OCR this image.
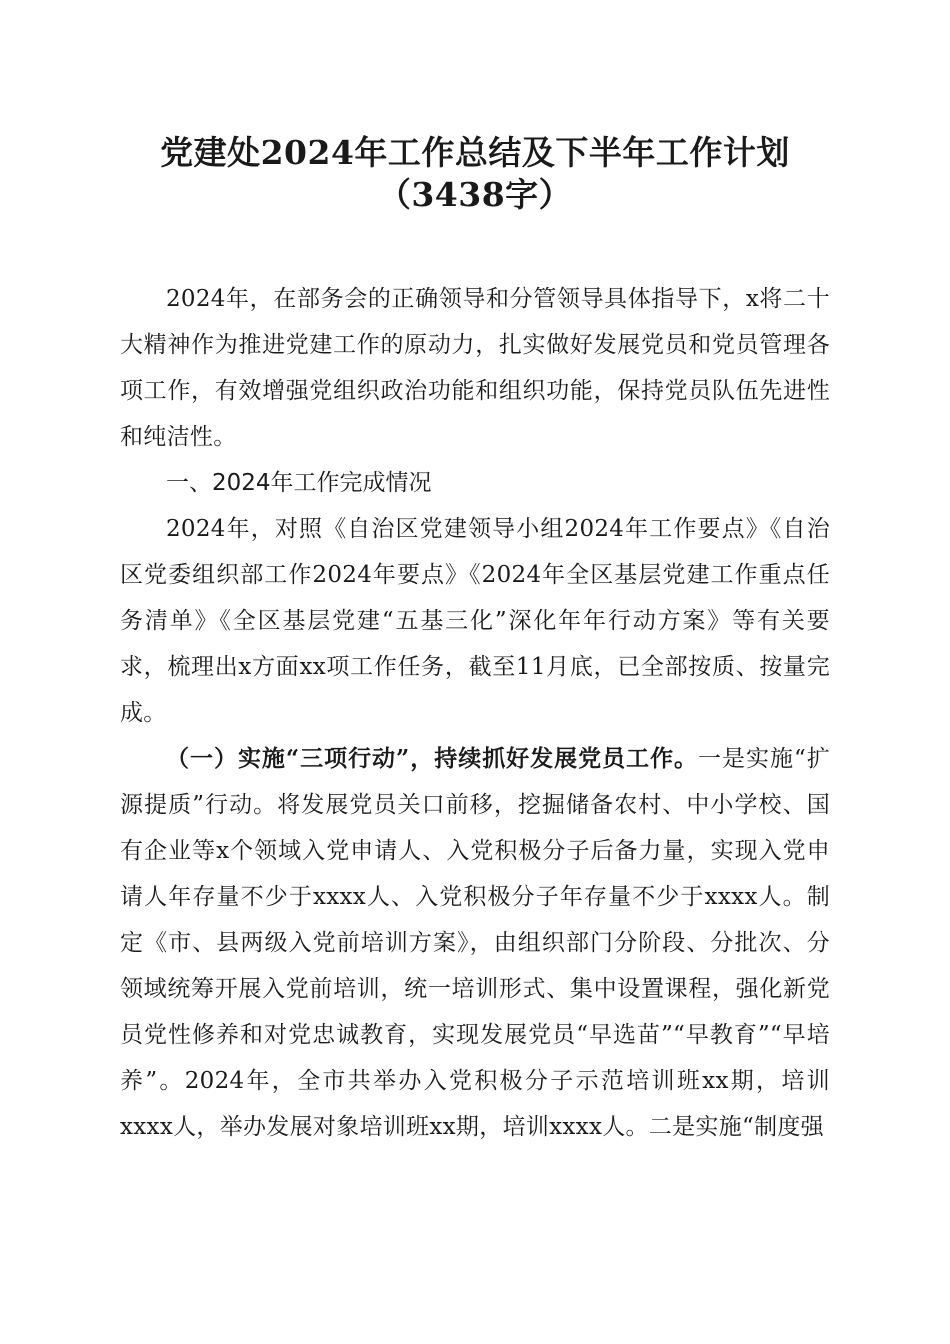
党建处2024年工作总结及下半年工作计划
（3438字）

2024年，在部务会的正确领导和分管领导具体指导下，x将二十大精神作为推进党建工作的原动力，扎实做好发展党员和党员管理各项工作，有效增强党组织政治功能和组织功能，保持党员队伍先进性和纯洁性。

一、2024年工作完成情况

2024年，对照《自治区党建领导小组2024年工作要点》《自治区党委组织部工作2024年要点》《2024年全区基层党建工作重点任务清单》《全区基层党建“五基三化”深化年年行动方案》等有关要求，梳理出x方面xx项工作任务，截至11月底，已全部按质、按量完成。

（一）实施“三项行动”，持续抓好发展党员工作。一是实施“扩源提质”行动。将发展党员关口前移，挖掘储备农村、中小学校、国有企业等x个领域入党申请人、入党积极分子后备力量，实现入党申请人年存量不少于xxxx人、入党积极分子年存量不少于xxxx人。制定《市、县两级入党前培训方案》，由组织部门分阶段、分批次、分领域统筹开展入党前培训，统一培训形式、集中设置课程，强化新党员党性修养和对党忠诚教育，实现发展党员“早选苗”“早教育”“早培养”。2024年，全市共举办入党积极分子示范培训班xx期，培训xxxx人，举办发展对象培训班xx期，培训xxxx人。二是实施“制度强
